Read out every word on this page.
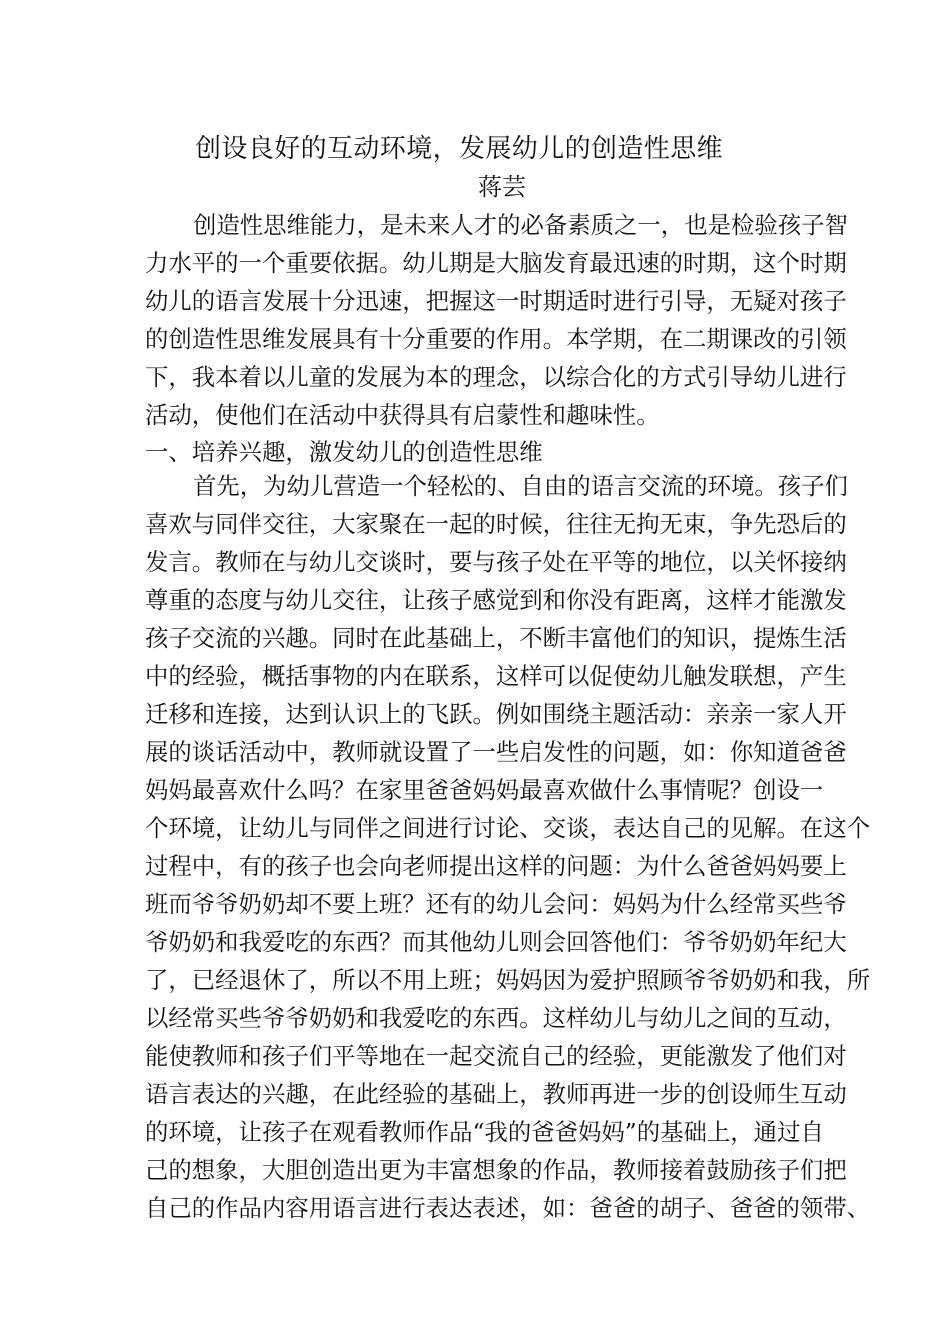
创设良好的互动环境，发展幼儿的创造性思维
蒋芸
创造性思维能力，是未来人才的必备素质之一，也是检验孩子智
力水平的一个重要依据。幼儿期是大脑发育最迅速的时期，这个时期
幼儿的语言发展十分迅速，把握这一时期适时进行引导，无疑对孩子
的创造性思维发展具有十分重要的作用。本学期，在二期课改的引领
下，我本着以儿童的发展为本的理念，以综合化的方式引导幼儿进行
活动，使他们在活动中获得具有启蒙性和趣味性。
一、培养兴趣，激发幼儿的创造性思维
首先，为幼儿营造一个轻松的、自由的语言交流的环境。孩子们
喜欢与同伴交往，大家聚在一起的时候，往往无拘无束，争先恐后的
发言。教师在与幼儿交谈时，要与孩子处在平等的地位，以关怀接纳
尊重的态度与幼儿交往，让孩子感觉到和你没有距离，这样才能激发
孩子交流的兴趣。同时在此基础上，不断丰富他们的知识，提炼生活
中的经验，概括事物的内在联系，这样可以促使幼儿触发联想，产生
迁移和连接，达到认识上的飞跃。例如围绕主题活动：亲亲一家人开
展的谈话活动中，教师就设置了一些启发性的问题，如：你知道爸爸
妈妈最喜欢什么吗？在家里爸爸妈妈最喜欢做什么事情呢？创设一
个环境，让幼儿与同伴之间进行讨论、交谈，表达自己的见解。在这个
过程中，有的孩子也会向老师提出这样的问题：为什么爸爸妈妈要上
班而爷爷奶奶却不要上班？还有的幼儿会问：妈妈为什么经常买些爷
爷奶奶和我爱吃的东西？而其他幼儿则会回答他们：爷爷奶奶年纪大
了，已经退休了，所以不用上班；妈妈因为爱护照顾爷爷奶奶和我，所
以经常买些爷爷奶奶和我爱吃的东西。这样幼儿与幼儿之间的互动，
能使教师和孩子们平等地在一起交流自己的经验，更能激发了他们对
语言表达的兴趣，在此经验的基础上，教师再进一步的创设师生互动
的环境，让孩子在观看教师作品“我的爸爸妈妈”的基础上，通过自
己的想象，大胆创造出更为丰富想象的作品，教师接着鼓励孩子们把
自己的作品内容用语言进行表达表述，如：爸爸的胡子、爸爸的领带、
